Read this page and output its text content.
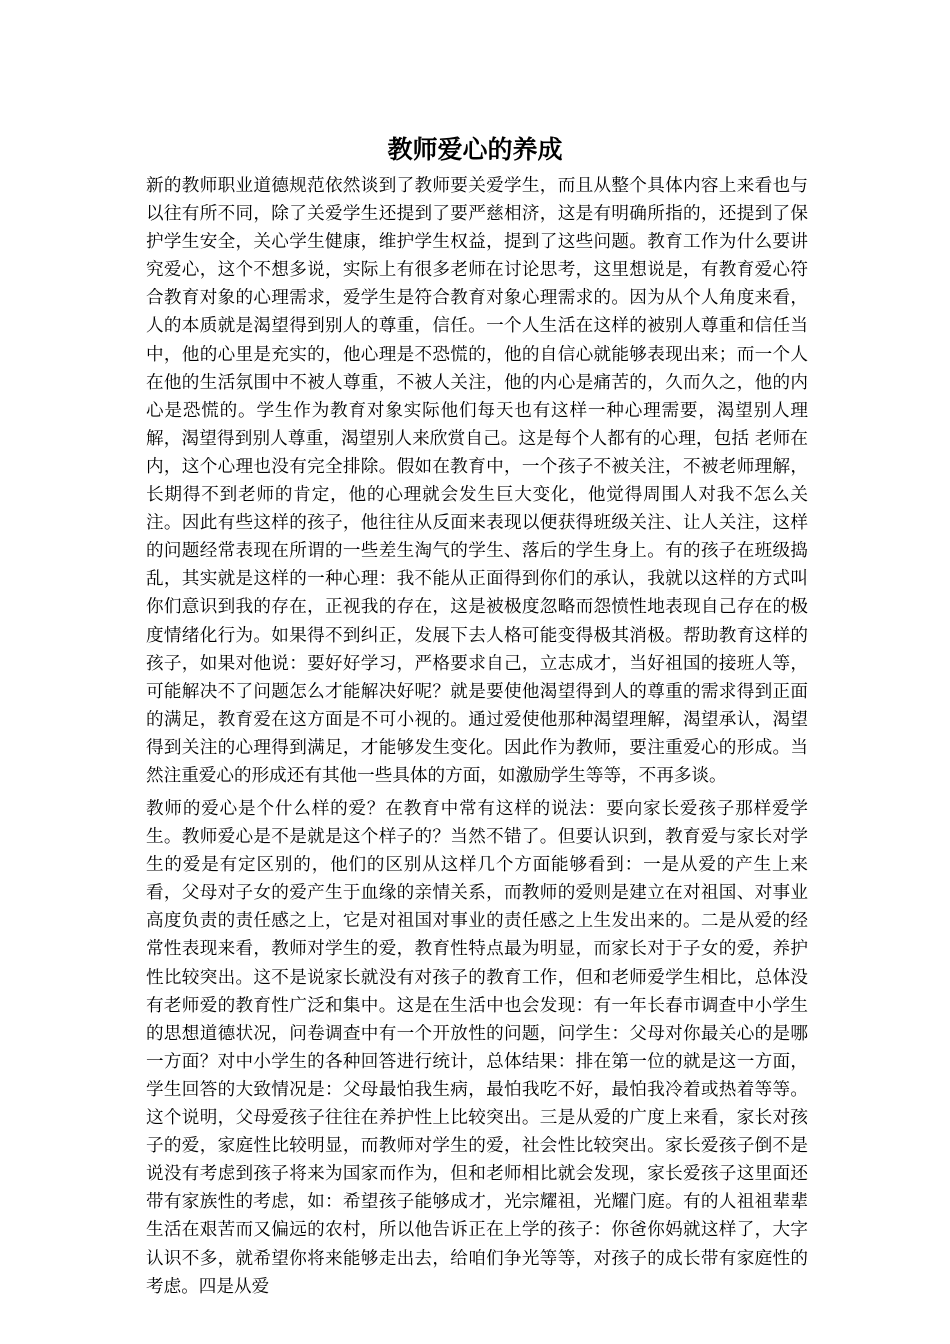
教师爱心的养成

新的教师职业道德规范依然谈到了教师要关爱学生，而且从整个具体内容上来看也与以往有所不同，除了关爱学生还提到了要严慈相济，这是有明确所指的，还提到了保护学生安全，关心学生健康，维护学生权益，提到了这些问题。教育工作为什么要讲究爱心，这个不想多说，实际上有很多老师在讨论思考，这里想说是，有教育爱心符合教育对象的心理需求，爱学生是符合教育对象心理需求的。因为从个人角度来看，人的本质就是渴望得到别人的尊重，信任。一个人生活在这样的被别人尊重和信任当中，他的心里是充实的，他心理是不恐慌的，他的自信心就能够表现出来；而一个人在他的生活氛围中不被人尊重，不被人关注，他的内心是痛苦的，久而久之，他的内心是恐慌的。学生作为教育对象实际他们每天也有这样一种心理需要，渴望别人理解，渴望得到别人尊重，渴望别人来欣赏自己。这是每个人都有的心理，包括 老师在内，这个心理也没有完全排除。假如在教育中，一个孩子不被关注，不被老师理解，长期得不到老师的肯定，他的心理就会发生巨大变化，他觉得周围人对我不怎么关注。因此有些这样的孩子，他往往从反面来表现以便获得班级关注、让人关注，这样的问题经常表现在所谓的一些差生淘气的学生、落后的学生身上。有的孩子在班级捣乱，其实就是这样的一种心理：我不能从正面得到你们的承认，我就以这样的方式叫你们意识到我的存在，正视我的存在，这是被极度忽略而怨愤性地表现自己存在的极度情绪化行为。如果得不到纠正，发展下去人格可能变得极其消极。帮助教育这样的孩子，如果对他说：要好好学习，严格要求自己，立志成才，当好祖国的接班人等，可能解决不了问题怎么才能解决好呢？就是要使他渴望得到人的尊重的需求得到正面的满足，教育爱在这方面是不可小视的。通过爱使他那种渴望理解，渴望承认，渴望得到关注的心理得到满足，才能够发生变化。因此作为教师，要注重爱心的形成。当然注重爱心的形成还有其他一些具体的方面，如激励学生等等，不再多谈。

教师的爱心是个什么样的爱？在教育中常有这样的说法：要向家长爱孩子那样爱学生。教师爱心是不是就是这个样子的？当然不错了。但要认识到，教育爱与家长对学生的爱是有定区别的，他们的区别从这样几个方面能够看到：一是从爱的产生上来看，父母对子女的爱产生于血缘的亲情关系，而教师的爱则是建立在对祖国、对事业高度负责的责任感之上，它是对祖国对事业的责任感之上生发出来的。二是从爱的经常性表现来看，教师对学生的爱，教育性特点最为明显，而家长对于子女的爱，养护性比较突出。这不是说家长就没有对孩子的教育工作，但和老师爱学生相比，总体没有老师爱的教育性广泛和集中。这是在生活中也会发现：有一年长春市调查中小学生的思想道德状况，问卷调查中有一个开放性的问题，问学生：父母对你最关心的是哪一方面？对中小学生的各种回答进行统计，总体结果：排在第一位的就是这一方面，学生回答的大致情况是：父母最怕我生病，最怕我吃不好，最怕我冷着或热着等等。这个说明，父母爱孩子往往在养护性上比较突出。三是从爱的广度上来看，家长对孩子的爱，家庭性比较明显，而教师对学生的爱，社会性比较突出。家长爱孩子倒不是说没有考虑到孩子将来为国家而作为，但和老师相比就会发现，家长爱孩子这里面还带有家族性的考虑，如：希望孩子能够成才，光宗耀祖，光耀门庭。有的人祖祖辈辈生活在艰苦而又偏远的农村，所以他告诉正在上学的孩子：你爸你妈就这样了，大字认识不多，就希望你将来能够走出去，给咱们争光等等，对孩子的成长带有家庭性的考虑。四是从爱
